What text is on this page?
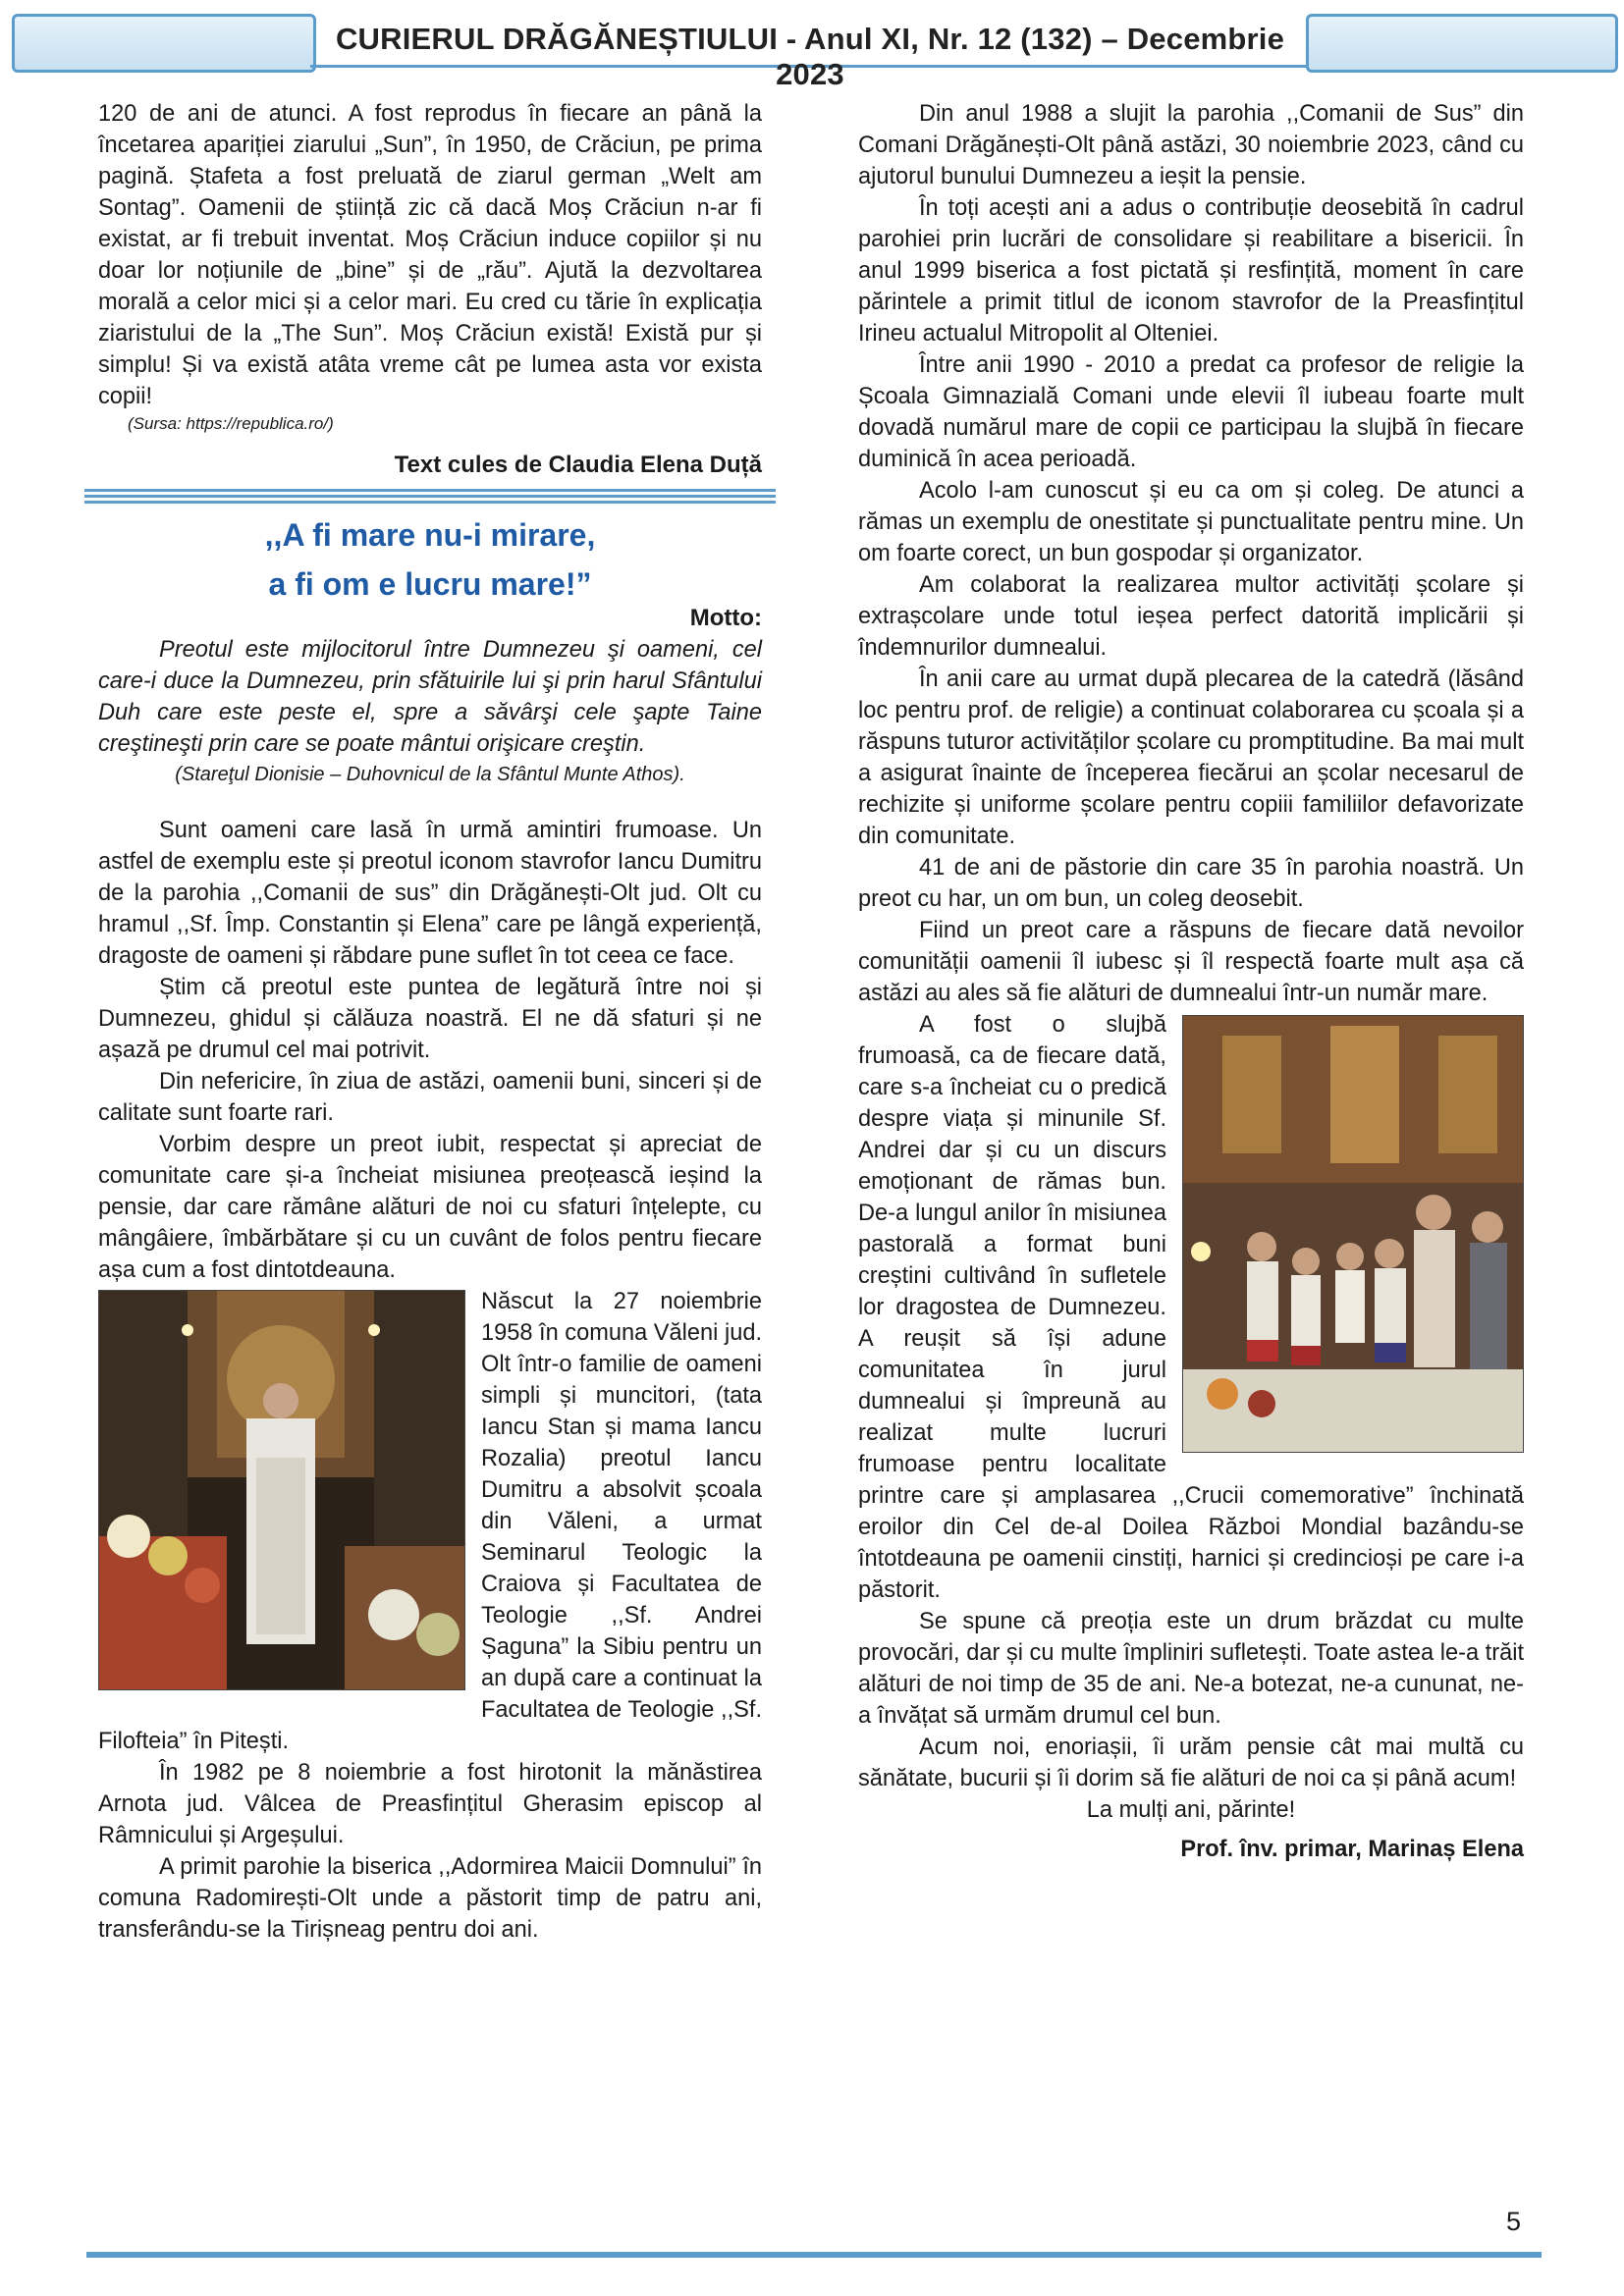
CURIERUL DRĂGĂNEȘTIULUI - Anul XI, Nr. 12 (132) – Decembrie 2023

120 de ani de atunci. A fost reprodus în fiecare an până la încetarea apariției ziarului „Sun”, în 1950, de Crăciun, pe prima pagină. Ștafeta a fost preluată de ziarul german „Welt am Sontag”. Oamenii de știință zic că dacă Moș Crăciun n-ar fi existat, ar fi trebuit inventat. Moș Crăciun induce copiilor și nu doar lor noțiunile de „bine” și de „rău”. Ajută la dezvoltarea morală a celor mici și a celor mari. Eu cred cu tărie în explicația ziaristului de la „The Sun”. Moș Crăciun există! Există pur și simplu! Și va există atâta vreme cât pe lumea asta vor exista copii!

(Sursa: https://republica.ro/)

Text cules de Claudia Elena Duță

,,A fi mare nu-i mirare,

a fi om e lucru mare!”

Motto:

Preotul este mijlocitorul între Dumnezeu şi oameni, cel care-i duce la Dumnezeu, prin sfătuirile lui şi prin harul Sfântului Duh care este peste el, spre a săvârşi cele şapte Taine creştineşti prin care se poate mântui orişicare creştin.

(Stareţul Dionisie – Duhovnicul de la Sfântul Munte Athos).

Sunt oameni care lasă în urmă amintiri frumoase. Un astfel de exemplu este și preotul iconom stavrofor Iancu Dumitru de la parohia ,,Comanii de sus” din Drăgănești-Olt jud. Olt cu hramul ,,Sf. Împ. Constantin și Elena” care pe lângă experiență, dragoste de oameni și răbdare pune suflet în tot ceea ce face.

Știm că preotul este puntea de legătură între noi și Dumnezeu, ghidul și călăuza noastră. El ne dă sfaturi și ne așază pe drumul cel mai potrivit.

Din nefericire, în ziua de astăzi, oamenii buni, sinceri și de calitate sunt foarte rari.

Vorbim despre un preot iubit, respectat și apreciat de comunitate care și-a încheiat misiunea preoțească ieșind la pensie, dar care rămâne alături de noi cu sfaturi înțelepte, cu mângâiere, îmbărbătare și cu un cuvânt de folos pentru fiecare așa cum a fost dintotdeauna.

Născut la 27 noiembrie 1958 în comuna Văleni jud. Olt într-o familie de oameni simpli și muncitori, (tata Iancu Stan și mama Iancu Rozalia) preotul Iancu Dumitru a absolvit școala din Văleni, a urmat Seminarul Teologic la Craiova și Facultatea de Teologie ,,Sf. Andrei Șaguna” la Sibiu pentru un an după care a continuat la Facultatea de Teologie ,,Sf. Filofteia” în Pitești.

În 1982 pe 8 noiembrie a fost hirotonit la mănăstirea Arnota jud. Vâlcea de Preasfințitul Gherasim episcop al Râmnicului și Argeșului.

A primit parohie la biserica ,,Adormirea Maicii Domnului” în comuna Radomirești-Olt unde a păstorit timp de patru ani, transferându-se la Tirișneag pentru doi ani.

Din anul 1988 a slujit la parohia ,,Comanii de Sus” din Comani Drăgănești-Olt până astăzi, 30 noiembrie 2023, când cu ajutorul bunului Dumnezeu a ieșit la pensie.

În toți acești ani a adus o contribuție deosebită în cadrul parohiei prin lucrări de consolidare și reabilitare a bisericii. În anul 1999 biserica a fost pictată și resfințită, moment în care părintele a primit titlul de iconom stavrofor de la Preasfințitul Irineu actualul Mitropolit al Olteniei.

Între anii 1990 - 2010 a predat ca profesor de religie la Școala Gimnazială Comani unde elevii îl iubeau foarte mult dovadă numărul mare de copii ce participau la slujbă în fiecare duminică în acea perioadă.

Acolo l-am cunoscut și eu ca om și coleg. De atunci a rămas un exemplu de onestitate și punctualitate pentru mine. Un om foarte corect, un bun gospodar și organizator.

Am colaborat la realizarea multor activități școlare și extrașcolare unde totul ieșea perfect datorită implicării și îndemnurilor dumnealui.

În anii care au urmat după plecarea de la catedră (lăsând loc pentru prof. de religie) a continuat colaborarea cu școala și a răspuns tuturor activităților școlare cu promptitudine. Ba mai mult a asigurat înainte de începerea fiecărui an școlar necesarul de rechizite și uniforme școlare pentru copiii familiilor defavorizate din comunitate.

41 de ani de păstorie din care 35 în parohia noastră. Un preot cu har, un om bun, un coleg deosebit.

Fiind un preot care a răspuns de fiecare dată nevoilor comunității oamenii îl iubesc și îl respectă foarte mult așa că astăzi au ales să fie alături de dumnealui într-un număr mare.

A fost o slujbă frumoasă, ca de fiecare dată, care s-a încheiat cu o predică despre viața și minunile Sf. Andrei dar și cu un discurs emoționant de rămas bun. De-a lungul anilor în misiunea pastorală a format buni creștini cultivând în sufletele lor dragostea de Dumnezeu. A reușit să își adune comunitatea în jurul dumnealui și împreună au realizat multe lucruri frumoase pentru localitate printre care și amplasarea ,,Crucii comemorative” închinată eroilor din Cel de-al Doilea Război Mondial bazându-se întotdeauna pe oamenii cinstiți, harnici și credincioși pe care i-a păstorit.

Se spune că preoția este un drum brăzdat cu multe provocări, dar și cu multe împliniri sufletești. Toate astea le-a trăit alături de noi timp de 35 de ani. Ne-a botezat, ne-a cununat, ne-a învățat să urmăm drumul cel bun.

Acum noi, enoriașii, îi urăm pensie cât mai multă cu sănătate, bucurii și îi dorim să fie alături de noi ca și până acum!

La mulți ani, părinte!

Prof. înv. primar, Marinaș Elena

5
